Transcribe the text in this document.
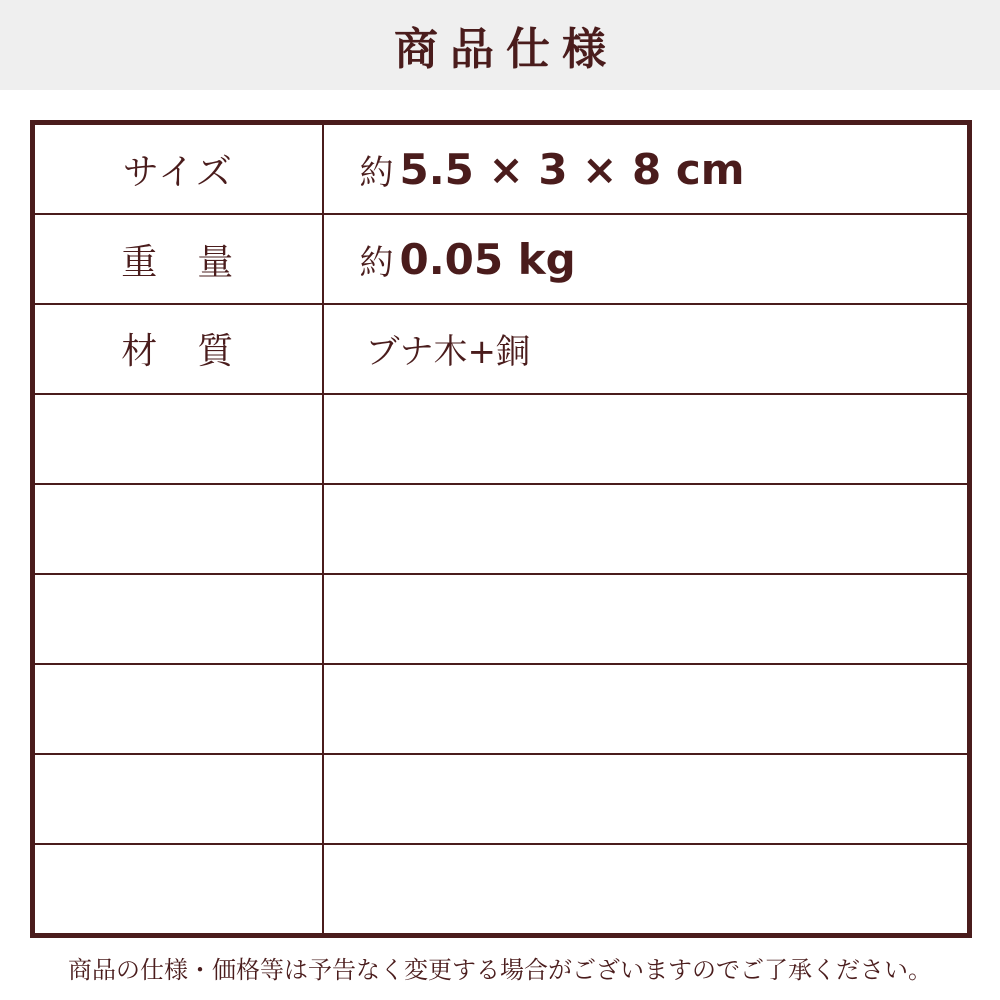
商品仕様
サイズ	約 5.5 × 3 × 8 cm
重　量	約 0.05 kg
材　質	ブナ木+銅

商品の仕様・価格等は予告なく変更する場合がございますのでご了承ください。
